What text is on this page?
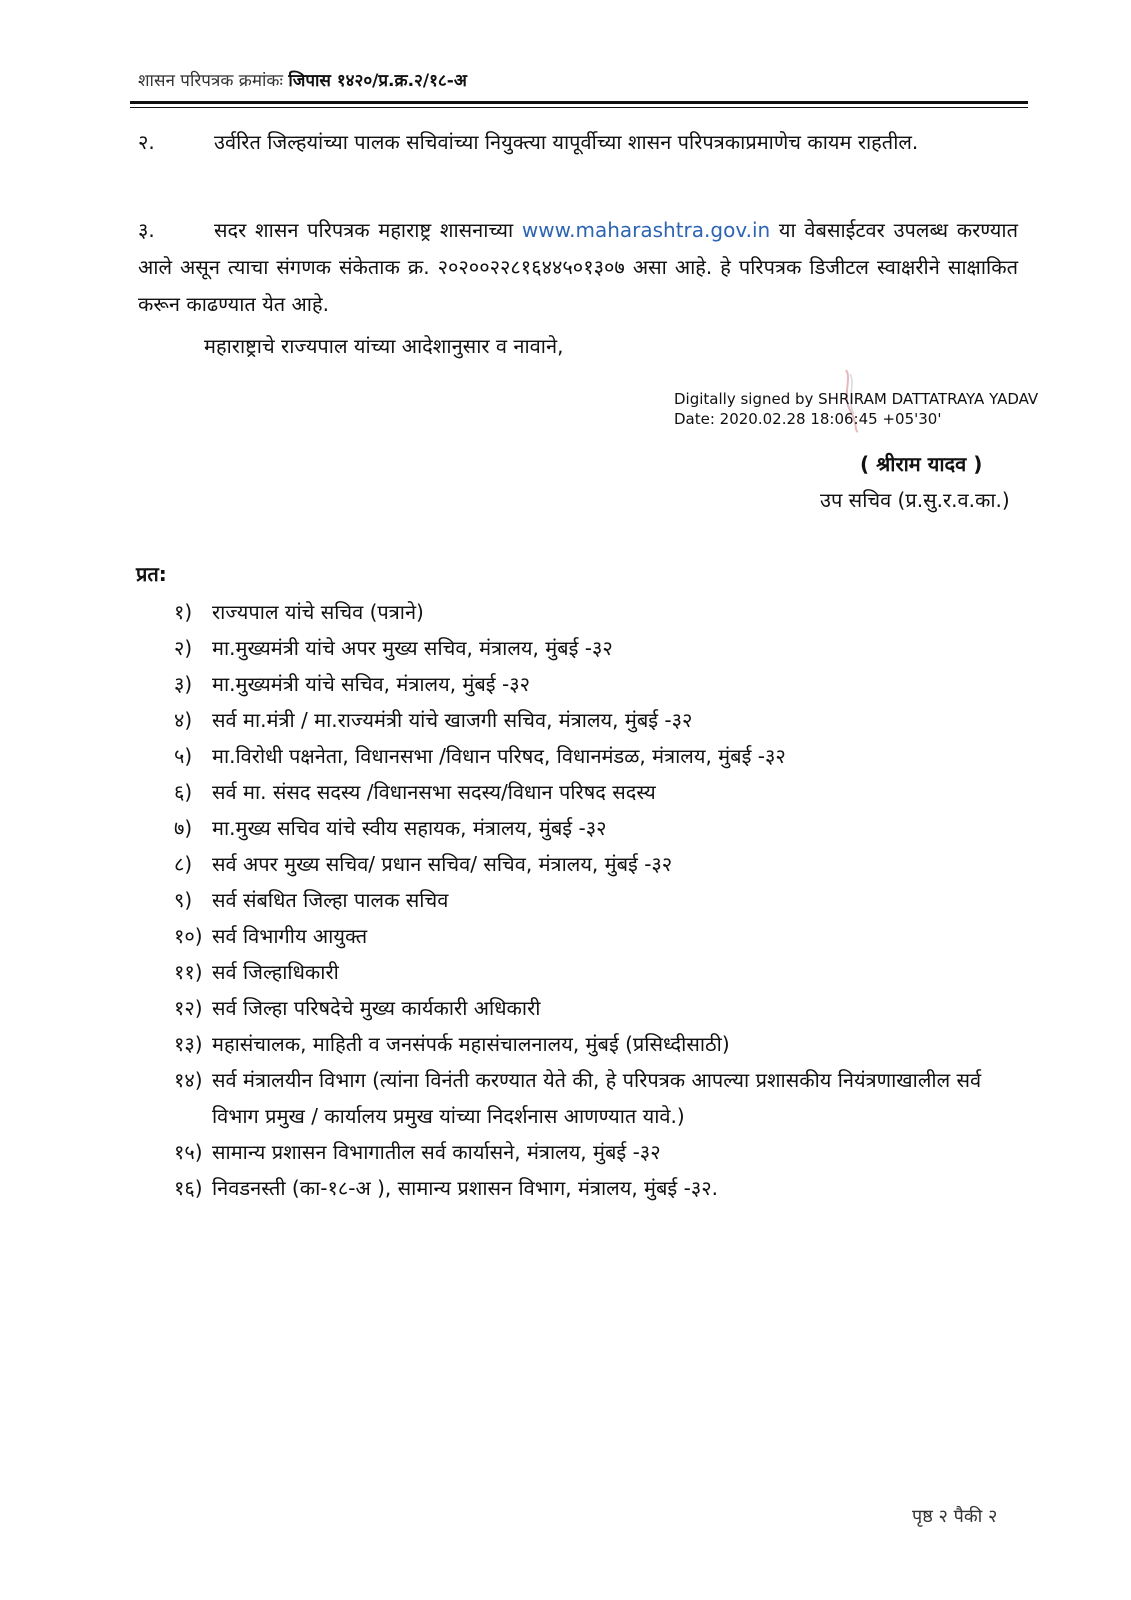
शासन परिपत्रक क्रमांकः जिपास १४२०/प्र.क्र.२/१८-अ
२.	उर्वरित जिल्हयांच्या पालक सचिवांच्या नियुक्त्या यापूर्वीच्या शासन परिपत्रकाप्रमाणेच कायम राहतील.
३.	सदर शासन परिपत्रक महाराष्ट्र शासनाच्या www.maharashtra.gov.in या वेबसाईटवर उपलब्ध करण्यात आले असून त्याचा संगणक संकेताक क्र. २०२००२२८१६४४५०१३०७ असा आहे. हे परिपत्रक डिजीटल स्वाक्षरीने साक्षाकित करून काढण्यात येत आहे.
महाराष्ट्राचे राज्यपाल यांच्या आदेशानुसार व नावाने,
Digitally signed by SHRIRAM DATTATRAYA YADAV
Date: 2020.02.28 18:06:45 +05'30'
( श्रीराम यादव )
उप सचिव (प्र.सु.र.व.का.)
प्रत:
१) राज्यपाल यांचे सचिव (पत्राने)
२) मा.मुख्यमंत्री यांचे अपर मुख्य सचिव, मंत्रालय, मुंबई -३२
३) मा.मुख्यमंत्री यांचे सचिव, मंत्रालय, मुंबई -३२
४) सर्व मा.मंत्री / मा.राज्यमंत्री यांचे खाजगी सचिव, मंत्रालय, मुंबई -३२
५) मा.विरोधी पक्षनेता, विधानसभा /विधान परिषद, विधानमंडळ, मंत्रालय, मुंबई -३२
६) सर्व मा. संसद सदस्य /विधानसभा सदस्य/विधान परिषद सदस्य
७) मा.मुख्य सचिव यांचे स्वीय सहायक, मंत्रालय, मुंबई -३२
८) सर्व अपर मुख्य सचिव/ प्रधान सचिव/ सचिव, मंत्रालय, मुंबई -३२
९) सर्व संबधित जिल्हा पालक सचिव
१०) सर्व विभागीय आयुक्त
११) सर्व जिल्हाधिकारी
१२) सर्व जिल्हा परिषदेचे मुख्य कार्यकारी अधिकारी
१३) महासंचालक, माहिती व जनसंपर्क महासंचालनालय, मुंबई (प्रसिध्दीसाठी)
१४) सर्व मंत्रालयीन विभाग (त्यांना विनंती करण्यात येते की, हे परिपत्रक आपल्या प्रशासकीय नियंत्रणाखालील सर्व विभाग प्रमुख / कार्यालय प्रमुख यांच्या निदर्शनास आणण्यात यावे.)
१५) सामान्य प्रशासन विभागातील सर्व कार्यासने, मंत्रालय, मुंबई -३२
१६) निवडनस्ती (का-१८-अ ), सामान्य प्रशासन विभाग, मंत्रालय, मुंबई -३२.
पृष्ठ २ पैकी २
